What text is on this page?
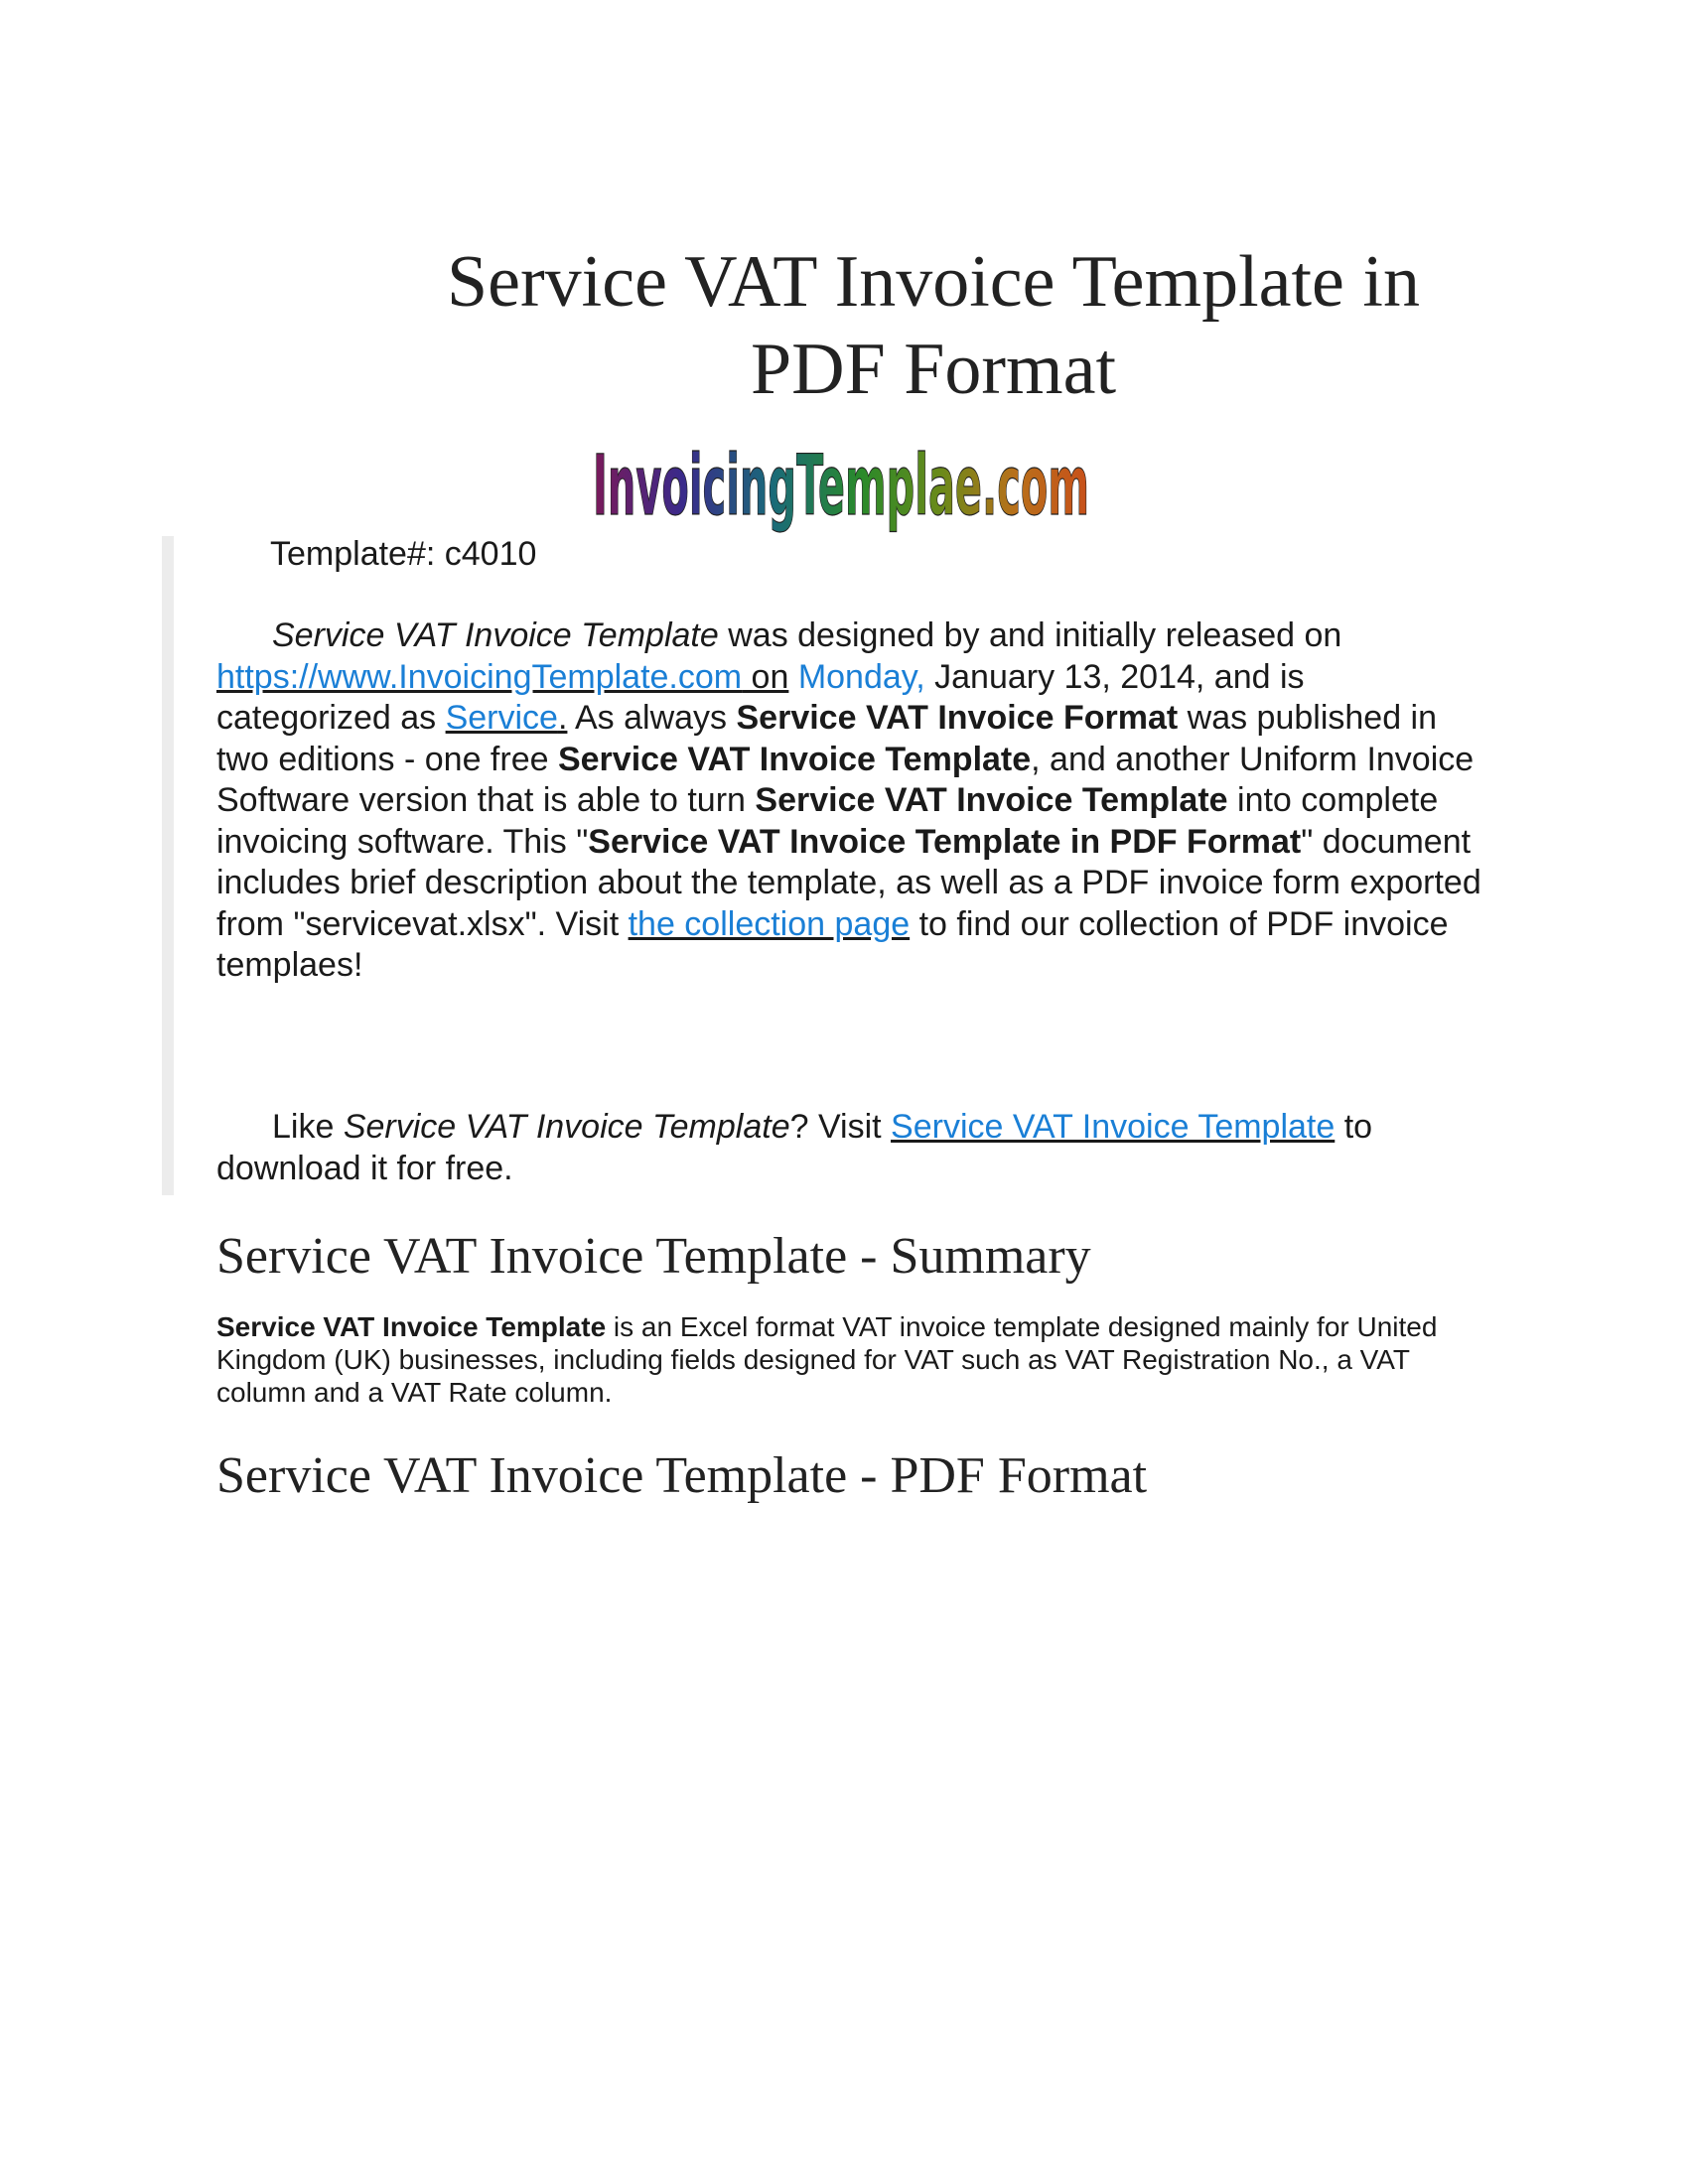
Service VAT Invoice Template in
PDF Format
InvoicingTemplae.com

Template#: c4010

Service VAT Invoice Template was designed by and initially released on https://www.InvoicingTemplate.com on Monday, January 13, 2014, and is categorized as Service. As always Service VAT Invoice Format was published in two editions - one free Service VAT Invoice Template, and another Uniform Invoice Software version that is able to turn Service VAT Invoice Template into complete invoicing software. This "Service VAT Invoice Template in PDF Format" document includes brief description about the template, as well as a PDF invoice form exported from "servicevat.xlsx". Visit the collection page to find our collection of PDF invoice templaes!

Like Service VAT Invoice Template? Visit Service VAT Invoice Template to download it for free.

Service VAT Invoice Template - Summary

Service VAT Invoice Template is an Excel format VAT invoice template designed mainly for United Kingdom (UK) businesses, including fields designed for VAT such as VAT Registration No., a VAT column and a VAT Rate column.

Service VAT Invoice Template - PDF Format
